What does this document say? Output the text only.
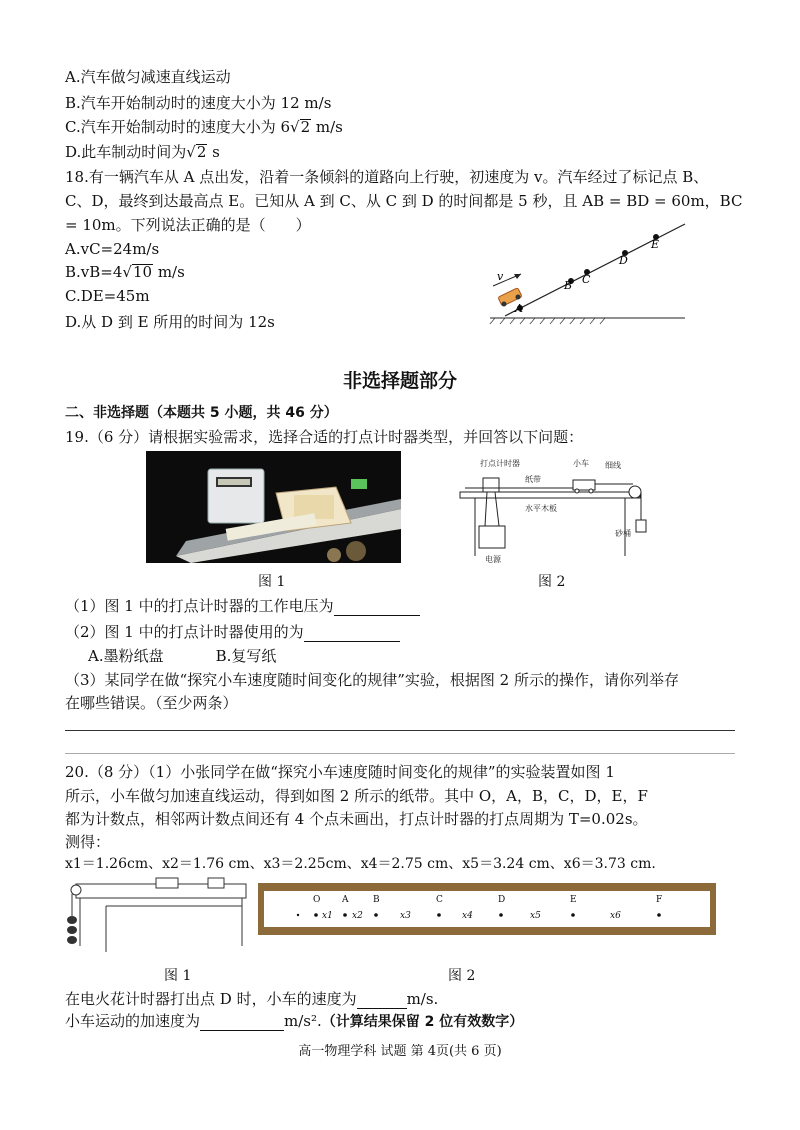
A.汽车做匀减速直线运动
B.汽车开始制动时的速度大小为 12 m/s
C.汽车开始制动时的速度大小为 6√2 m/s
D.此车制动时间为√2 s
18.有一辆汽车从 A 点出发，沿着一条倾斜的道路向上行驶，初速度为 v。汽车经过了标记点 B、
C、D，最终到达最高点 E。已知从 A 到 C、从 C 到 D 的时间都是 5 秒，且 AB = BD = 60m，BC
= 10m。下列说法正确的是（　　）
A.vC=24m/s
B.vB=4√10 m/s
C.DE=45m
D.从 D 到 E 所用的时间为 12s
v
A
B C
D
E
非选择题部分
二、非选择题（本题共 5 小题，共 46 分）
19.（6 分）请根据实验需求，选择合适的打点计时器类型，并回答以下问题：
图 1
打点计时器
纸带
小车 细线
水平木板
电源
砂桶
图 2
（1）图 1 中的打点计时器的工作电压为
（2）图 1 中的打点计时器使用的为
A.墨粉纸盘	B.复写纸
（3）某同学在做“探究小车速度随时间变化的规律”实验，根据图 2 所示的操作，请你列举存
在哪些错误。（至少两条）
20.（8 分）（1）小张同学在做“探究小车速度随时间变化的规律”的实验装置如图 1
所示，小车做匀加速直线运动，得到如图 2 所示的纸带。其中 O，A，B，C，D，E，F
都为计数点，相邻两计数点间还有 4 个点未画出，打点计时器的打点周期为 T=0.02s。
测得：
x1＝1.26cm、x2＝1.76 cm、x3＝2.25cm、x4＝2.75 cm、x5＝3.24 cm、x6＝3.73 cm.
图 1
O A	B	C	D	E	F
x1 x2	x3	x4	x5	x6
图 2
在电火花计时器打出点 D 时，小车的速度为	m/s.
小车运动的加速度为	m/s².（计算结果保留 2 位有效数字）
高一物理学科 试题 第 4页(共 6 页)
